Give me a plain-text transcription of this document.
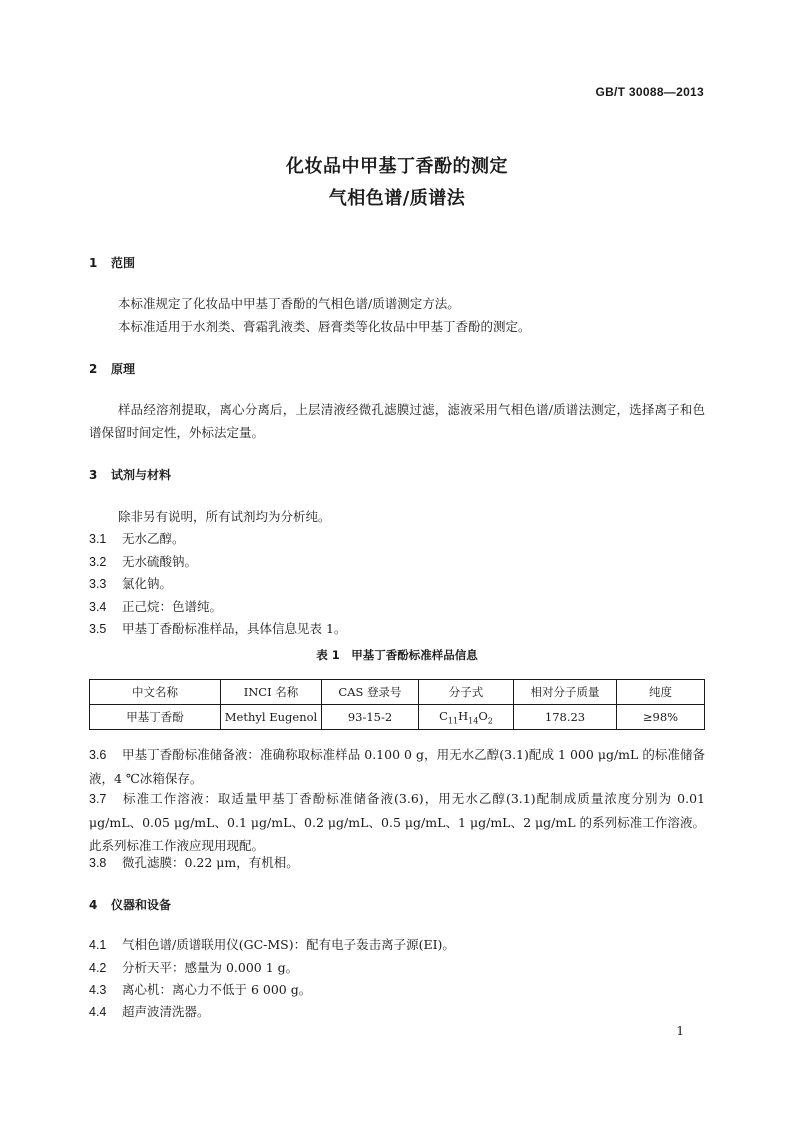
GB/T 30088—2013
化妆品中甲基丁香酚的测定
气相色谱/质谱法
1 范围
本标准规定了化妆品中甲基丁香酚的气相色谱/质谱测定方法。
本标准适用于水剂类、膏霜乳液类、唇膏类等化妆品中甲基丁香酚的测定。
2 原理
样品经溶剂提取，离心分离后，上层清液经微孔滤膜过滤，滤液采用气相色谱/质谱法测定，选择离子和色谱保留时间定性，外标法定量。
3 试剂与材料
除非另有说明，所有试剂均为分析纯。
3.1 无水乙醇。
3.2 无水硫酸钠。
3.3 氯化钠。
3.4 正己烷：色谱纯。
3.5 甲基丁香酚标准样品，具体信息见表 1。
表 1　甲基丁香酚标准样品信息
中文名称	INCI 名称	CAS 登录号	分子式	相对分子质量	纯度
甲基丁香酚	Methyl Eugenol	93-15-2	$C_{11}H_{14}O_2$	178.23	≥98%
3.6 甲基丁香酚标准储备液：准确称取标准样品 0.100 0 g，用无水乙醇(3.1)配成 1 000 μg/mL 的标准储备液，4 ℃冰箱保存。
3.7 标准工作溶液：取适量甲基丁香酚标准储备液(3.6)，用无水乙醇(3.1)配制成质量浓度分别为 0.01 μg/mL、0.05 μg/mL、0.1 μg/mL、0.2 μg/mL、0.5 μg/mL、1 μg/mL、2 μg/mL 的系列标准工作溶液。此系列标准工作液应现用现配。
3.8 微孔滤膜：0.22 μm，有机相。
4 仪器和设备
4.1 气相色谱/质谱联用仪(GC-MS)：配有电子轰击离子源(EI)。
4.2 分析天平：感量为 0.000 1 g。
4.3 离心机：离心力不低于 6 000 g。
4.4 超声波清洗器。
1
